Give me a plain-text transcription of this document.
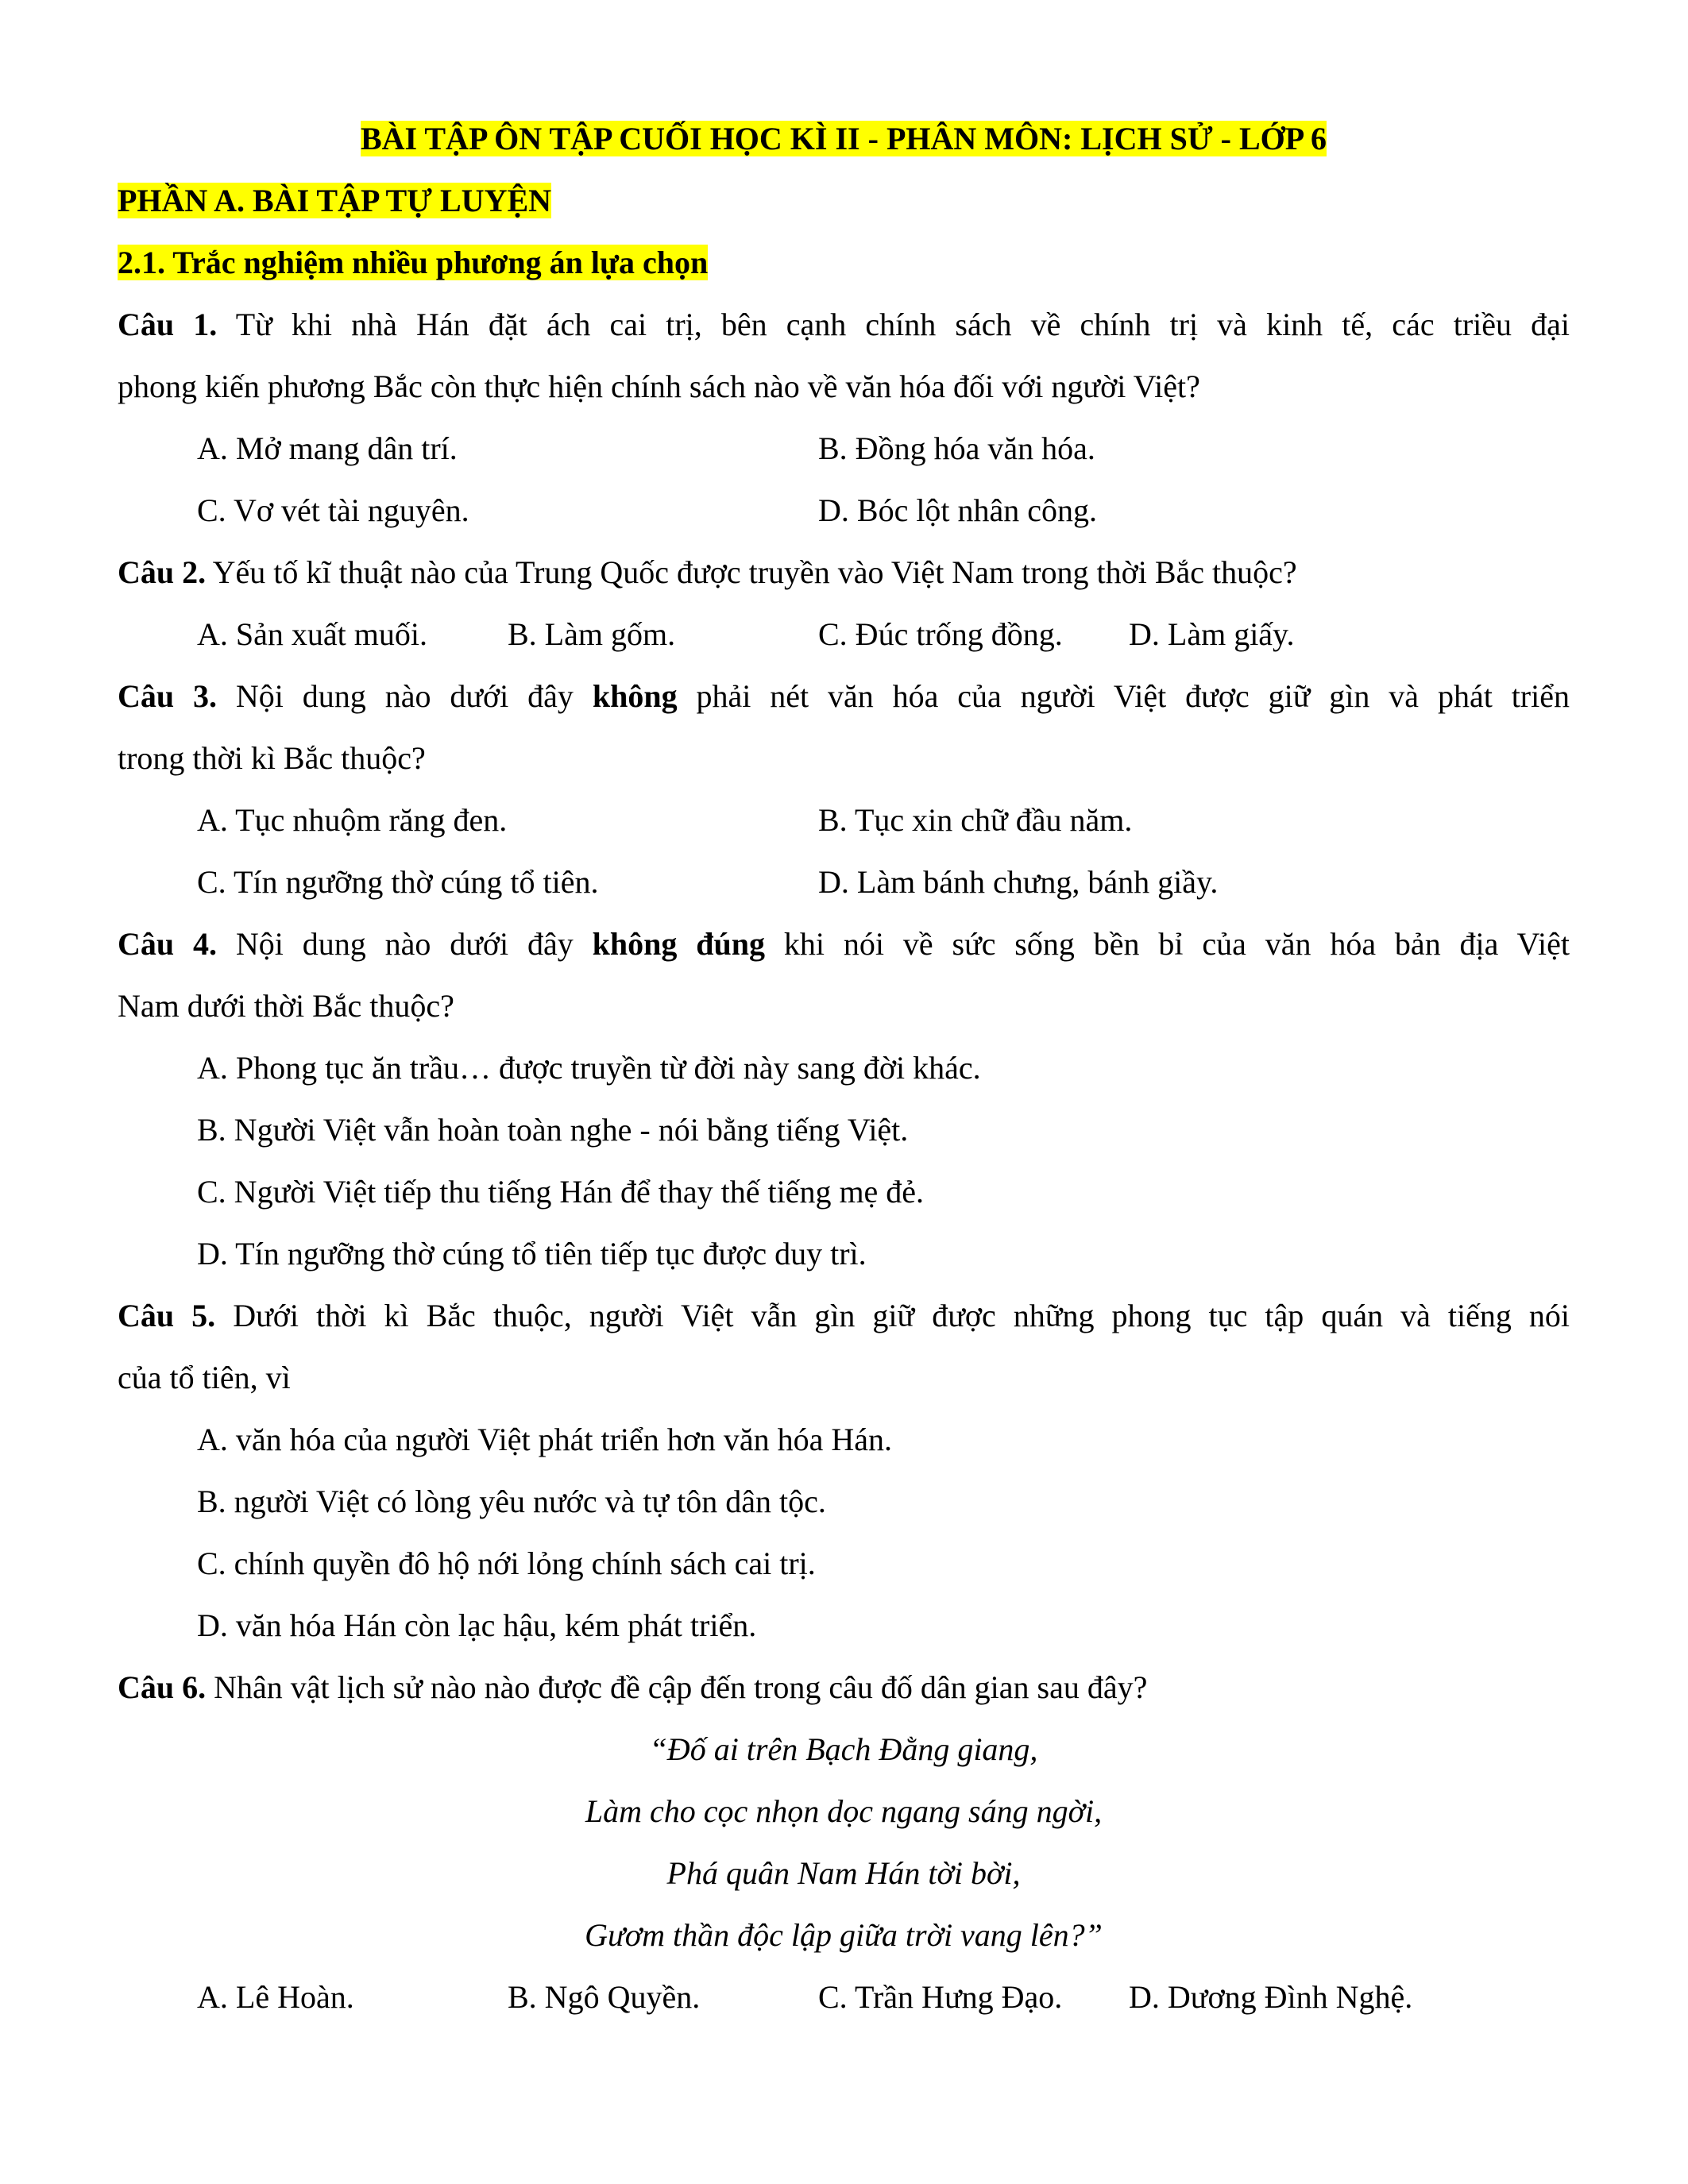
BÀI TẬP ÔN TẬP CUỐI HỌC KÌ II - PHÂN MÔN: LỊCH SỬ - LỚP 6
PHẦN A. BÀI TẬP TỰ LUYỆN
2.1. Trắc nghiệm nhiều phương án lựa chọn
Câu 1. Từ khi nhà Hán đặt ách cai trị, bên cạnh chính sách về chính trị và kinh tế, các triều đại
phong kiến phương Bắc còn thực hiện chính sách nào về văn hóa đối với người Việt?
A. Mở mang dân trí.	B. Đồng hóa văn hóa.
C. Vơ vét tài nguyên.	D. Bóc lột nhân công.
Câu 2. Yếu tố kĩ thuật nào của Trung Quốc được truyền vào Việt Nam trong thời Bắc thuộc?
A. Sản xuất muối.	B. Làm gốm.	C. Đúc trống đồng. D. Làm giấy.
Câu 3. Nội dung nào dưới đây không phải nét văn hóa của người Việt được giữ gìn và phát triển
trong thời kì Bắc thuộc?
A. Tục nhuộm răng đen.	B. Tục xin chữ đầu năm.
C. Tín ngưỡng thờ cúng tổ tiên.	D. Làm bánh chưng, bánh giầy.
Câu 4. Nội dung nào dưới đây không đúng khi nói về sức sống bền bỉ của văn hóa bản địa Việt
Nam dưới thời Bắc thuộc?
A. Phong tục ăn trầu… được truyền từ đời này sang đời khác.
B. Người Việt vẫn hoàn toàn nghe - nói bằng tiếng Việt.
C. Người Việt tiếp thu tiếng Hán để thay thế tiếng mẹ đẻ.
D. Tín ngưỡng thờ cúng tổ tiên tiếp tục được duy trì.
Câu 5. Dưới thời kì Bắc thuộc, người Việt vẫn gìn giữ được những phong tục tập quán và tiếng nói
của tổ tiên, vì
A. văn hóa của người Việt phát triển hơn văn hóa Hán.
B. người Việt có lòng yêu nước và tự tôn dân tộc.
C. chính quyền đô hộ nới lỏng chính sách cai trị.
D. văn hóa Hán còn lạc hậu, kém phát triển.
Câu 6. Nhân vật lịch sử nào nào được đề cập đến trong câu đố dân gian sau đây?
“Đố ai trên Bạch Đằng giang,
Làm cho cọc nhọn dọc ngang sáng ngời,
Phá quân Nam Hán tời bời,
Gươm thần độc lập giữa trời vang lên?”
A. Lê Hoàn.	B. Ngô Quyền.	C. Trần Hưng Đạo. D. Dương Đình Nghệ.
